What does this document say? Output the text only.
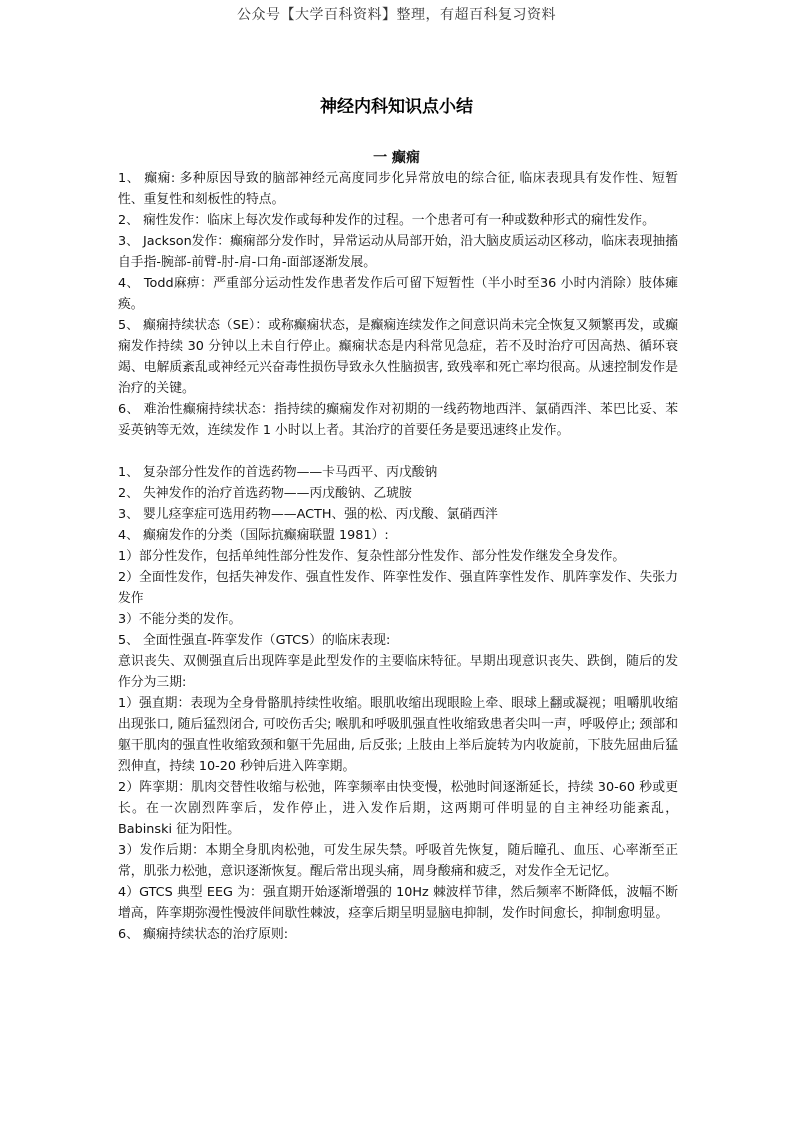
公众号【大学百科资料】整理，有超百科复习资料
神经内科知识点小结
一 癫痫

1、 癫痫: 多种原因导致的脑部神经元高度同步化异常放电的综合征, 临床表现具有发作性、短暂性、重复性和刻板性的特点。

2、 痫性发作：临床上每次发作或每种发作的过程。一个患者可有一种或数种形式的痫性发作。

3、 Jackson发作：癫痫部分发作时，异常运动从局部开始，沿大脑皮质运动区移动，临床表现抽搐自手指-腕部-前臂-肘-肩-口角-面部逐渐发展。

4、 Todd麻痹：严重部分运动性发作患者发作后可留下短暂性（半小时至36 小时内消除）肢体瘫痪。

5、 癫痫持续状态（SE）：或称癫痫状态，是癫痫连续发作之间意识尚未完全恢复又频繁再发，或癫痫发作持续 30 分钟以上未自行停止。癫痫状态是内科常见急症，若不及时治疗可因高热、循环衰竭、电解质紊乱或神经元兴奋毒性损伤导致永久性脑损害, 致残率和死亡率均很高。从速控制发作是治疗的关键。

6、 难治性癫痫持续状态：指持续的癫痫发作对初期的一线药物地西泮、氯硝西泮、苯巴比妥、苯妥英钠等无效，连续发作 1 小时以上者。其治疗的首要任务是要迅速终止发作。

1、 复杂部分性发作的首选药物——卡马西平、丙戊酸钠

2、 失神发作的治疗首选药物——丙戊酸钠、乙琥胺

3、 婴儿痉挛症可选用药物——ACTH、强的松、丙戊酸、氯硝西泮

4、 癫痫发作的分类（国际抗癫痫联盟 1981）:

1）部分性发作，包括单纯性部分性发作、复杂性部分性发作、部分性发作继发全身发作。

2）全面性发作，包括失神发作、强直性发作、阵挛性发作、强直阵挛性发作、肌阵挛发作、失张力发作

3）不能分类的发作。

5、 全面性强直-阵挛发作（GTCS）的临床表现:

意识丧失、双侧强直后出现阵挛是此型发作的主要临床特征。早期出现意识丧失、跌倒，随后的发作分为三期:

1）强直期：表现为全身骨骼肌持续性收缩。眼肌收缩出现眼睑上牵、眼球上翻或凝视；咀嚼肌收缩出现张口, 随后猛烈闭合, 可咬伤舌尖; 喉肌和呼吸肌强直性收缩致患者尖叫一声，呼吸停止; 颈部和躯干肌肉的强直性收缩致颈和躯干先屈曲, 后反张; 上肢由上举后旋转为内收旋前，下肢先屈曲后猛烈伸直，持续 10-20 秒钟后进入阵挛期。

2）阵挛期：肌肉交替性收缩与松弛，阵挛频率由快变慢，松弛时间逐渐延长，持续 30-60 秒或更长。在一次剧烈阵挛后，发作停止，进入发作后期，这两期可伴明显的自主神经功能紊乱，Babinski 征为阳性。

3）发作后期：本期全身肌肉松弛，可发生尿失禁。呼吸首先恢复，随后瞳孔、血压、心率渐至正常，肌张力松弛，意识逐渐恢复。醒后常出现头痛，周身酸痛和疲乏，对发作全无记忆。

4）GTCS 典型 EEG 为：强直期开始逐渐增强的 10Hz 棘波样节律，然后频率不断降低，波幅不断增高，阵挛期弥漫性慢波伴间歇性棘波，痉挛后期呈明显脑电抑制，发作时间愈长，抑制愈明显。

6、 癫痫持续状态的治疗原则:
